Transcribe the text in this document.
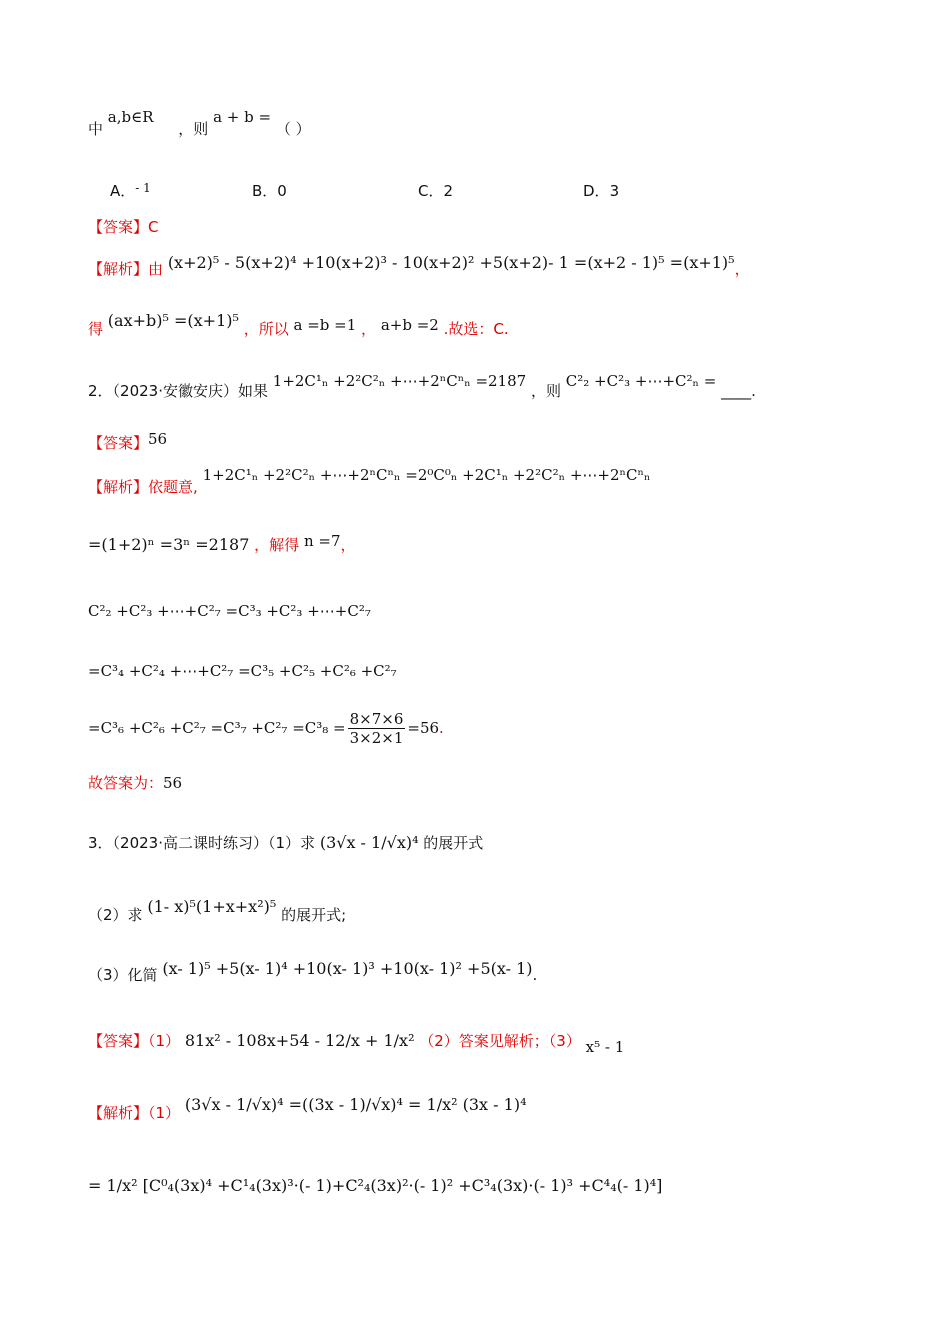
中 a,b∈R ，则 a + b = （ ）
A．$^{- 1}$	B．0	C．2	D．3
【答案】C
【解析】由 (x+2)⁵ - 5(x+2)⁴ +10(x+2)³ - 10(x+2)² +5(x+2)- 1 =(x+2 - 1)⁵ =(x+1)⁵，
得 (ax+b)⁵ =(x+1)⁵ ，所以 a =b =1 ， a+b =2 .故选：C.
2．（2023·安徽安庆）如果 1+2C¹ₙ +2²C²ₙ +⋯+2ⁿCⁿₙ =2187 ，则 C²₂ +C²₃ +⋯+C²ₙ = ____.
【答案】56
【解析】依题意, 1+2C¹ₙ +2²C²ₙ +⋯+2ⁿCⁿₙ =2⁰C⁰ₙ +2C¹ₙ +2²C²ₙ +⋯+2ⁿCⁿₙ
=(1+2)ⁿ =3ⁿ =2187 ，解得 n =7，
C²₂ +C²₃ +⋯+C²₇ =C³₃ +C²₃ +⋯+C²₇
=C³₄ +C²₄ +⋯+C²₇ =C³₅ +C²₅ +C²₆ +C²₇
$=C^3_6 +C^2_6 +C^2_7 =C^3_7 +C^2_7 =C^3_8 = \frac{8\times 7\times 6}{3\times 2\times 1} =56$.
故答案为：56
3．（2023·高二课时练习）（1）求 (3√x - 1/√x)⁴ 的展开式
（2）求 (1- x)⁵(1+x+x²)⁵ 的展开式;
（3）化简 (x- 1)⁵ +5(x- 1)⁴ +10(x- 1)³ +10(x- 1)² +5(x- 1).
【答案】（1） 81x² - 108x+54 - 12/x + 1/x² （2）答案见解析；（3） x⁵ - 1
【解析】（1） (3√x - 1/√x)⁴ =((3x - 1)/√x)⁴ = 1/x² (3x - 1)⁴
= 1/x² [C⁰₄(3x)⁴ +C¹₄(3x)³·(- 1)+C²₄(3x)²·(- 1)² +C³₄(3x)·(- 1)³ +C⁴₄(- 1)⁴]
